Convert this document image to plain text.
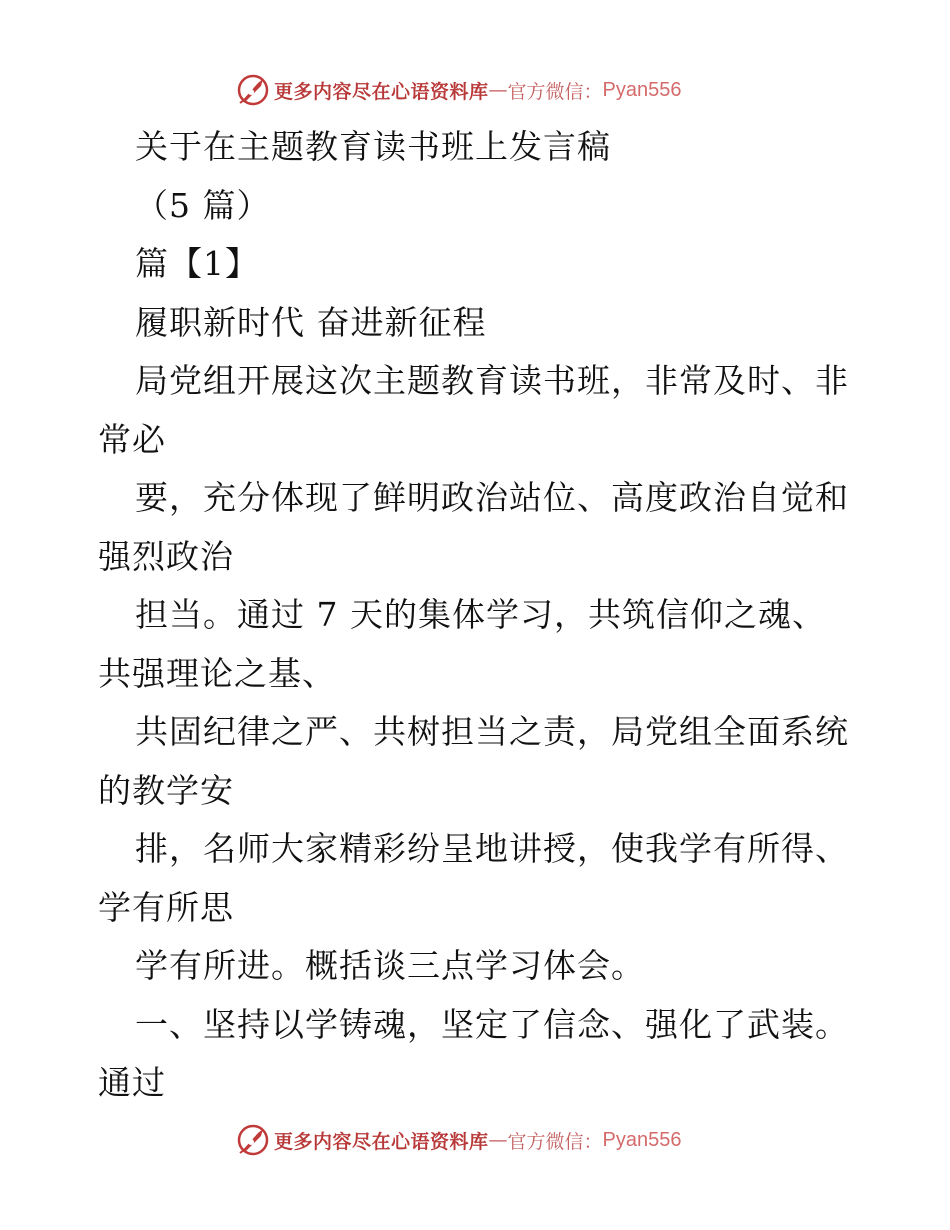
更多内容尽在心语资料库 — 官方微信： Pyan556
关于在主题教育读书班上发言稿
（5 篇）
篇【1】
履职新时代 奋进新征程
局党组开展这次主题教育读书班，非常及时、非
常必
要，充分体现了鲜明政治站位、高度政治自觉和
强烈政治
担当。通过 7 天的集体学习，共筑信仰之魂、
共强理论之基、
共固纪律之严、共树担当之责，局党组全面系统
的教学安
排，名师大家精彩纷呈地讲授，使我学有所得、
学有所思
学有所进。概括谈三点学习体会。
一、坚持以学铸魂，坚定了信念、强化了武装。
通过
更多内容尽在心语资料库 — 官方微信： Pyan556
